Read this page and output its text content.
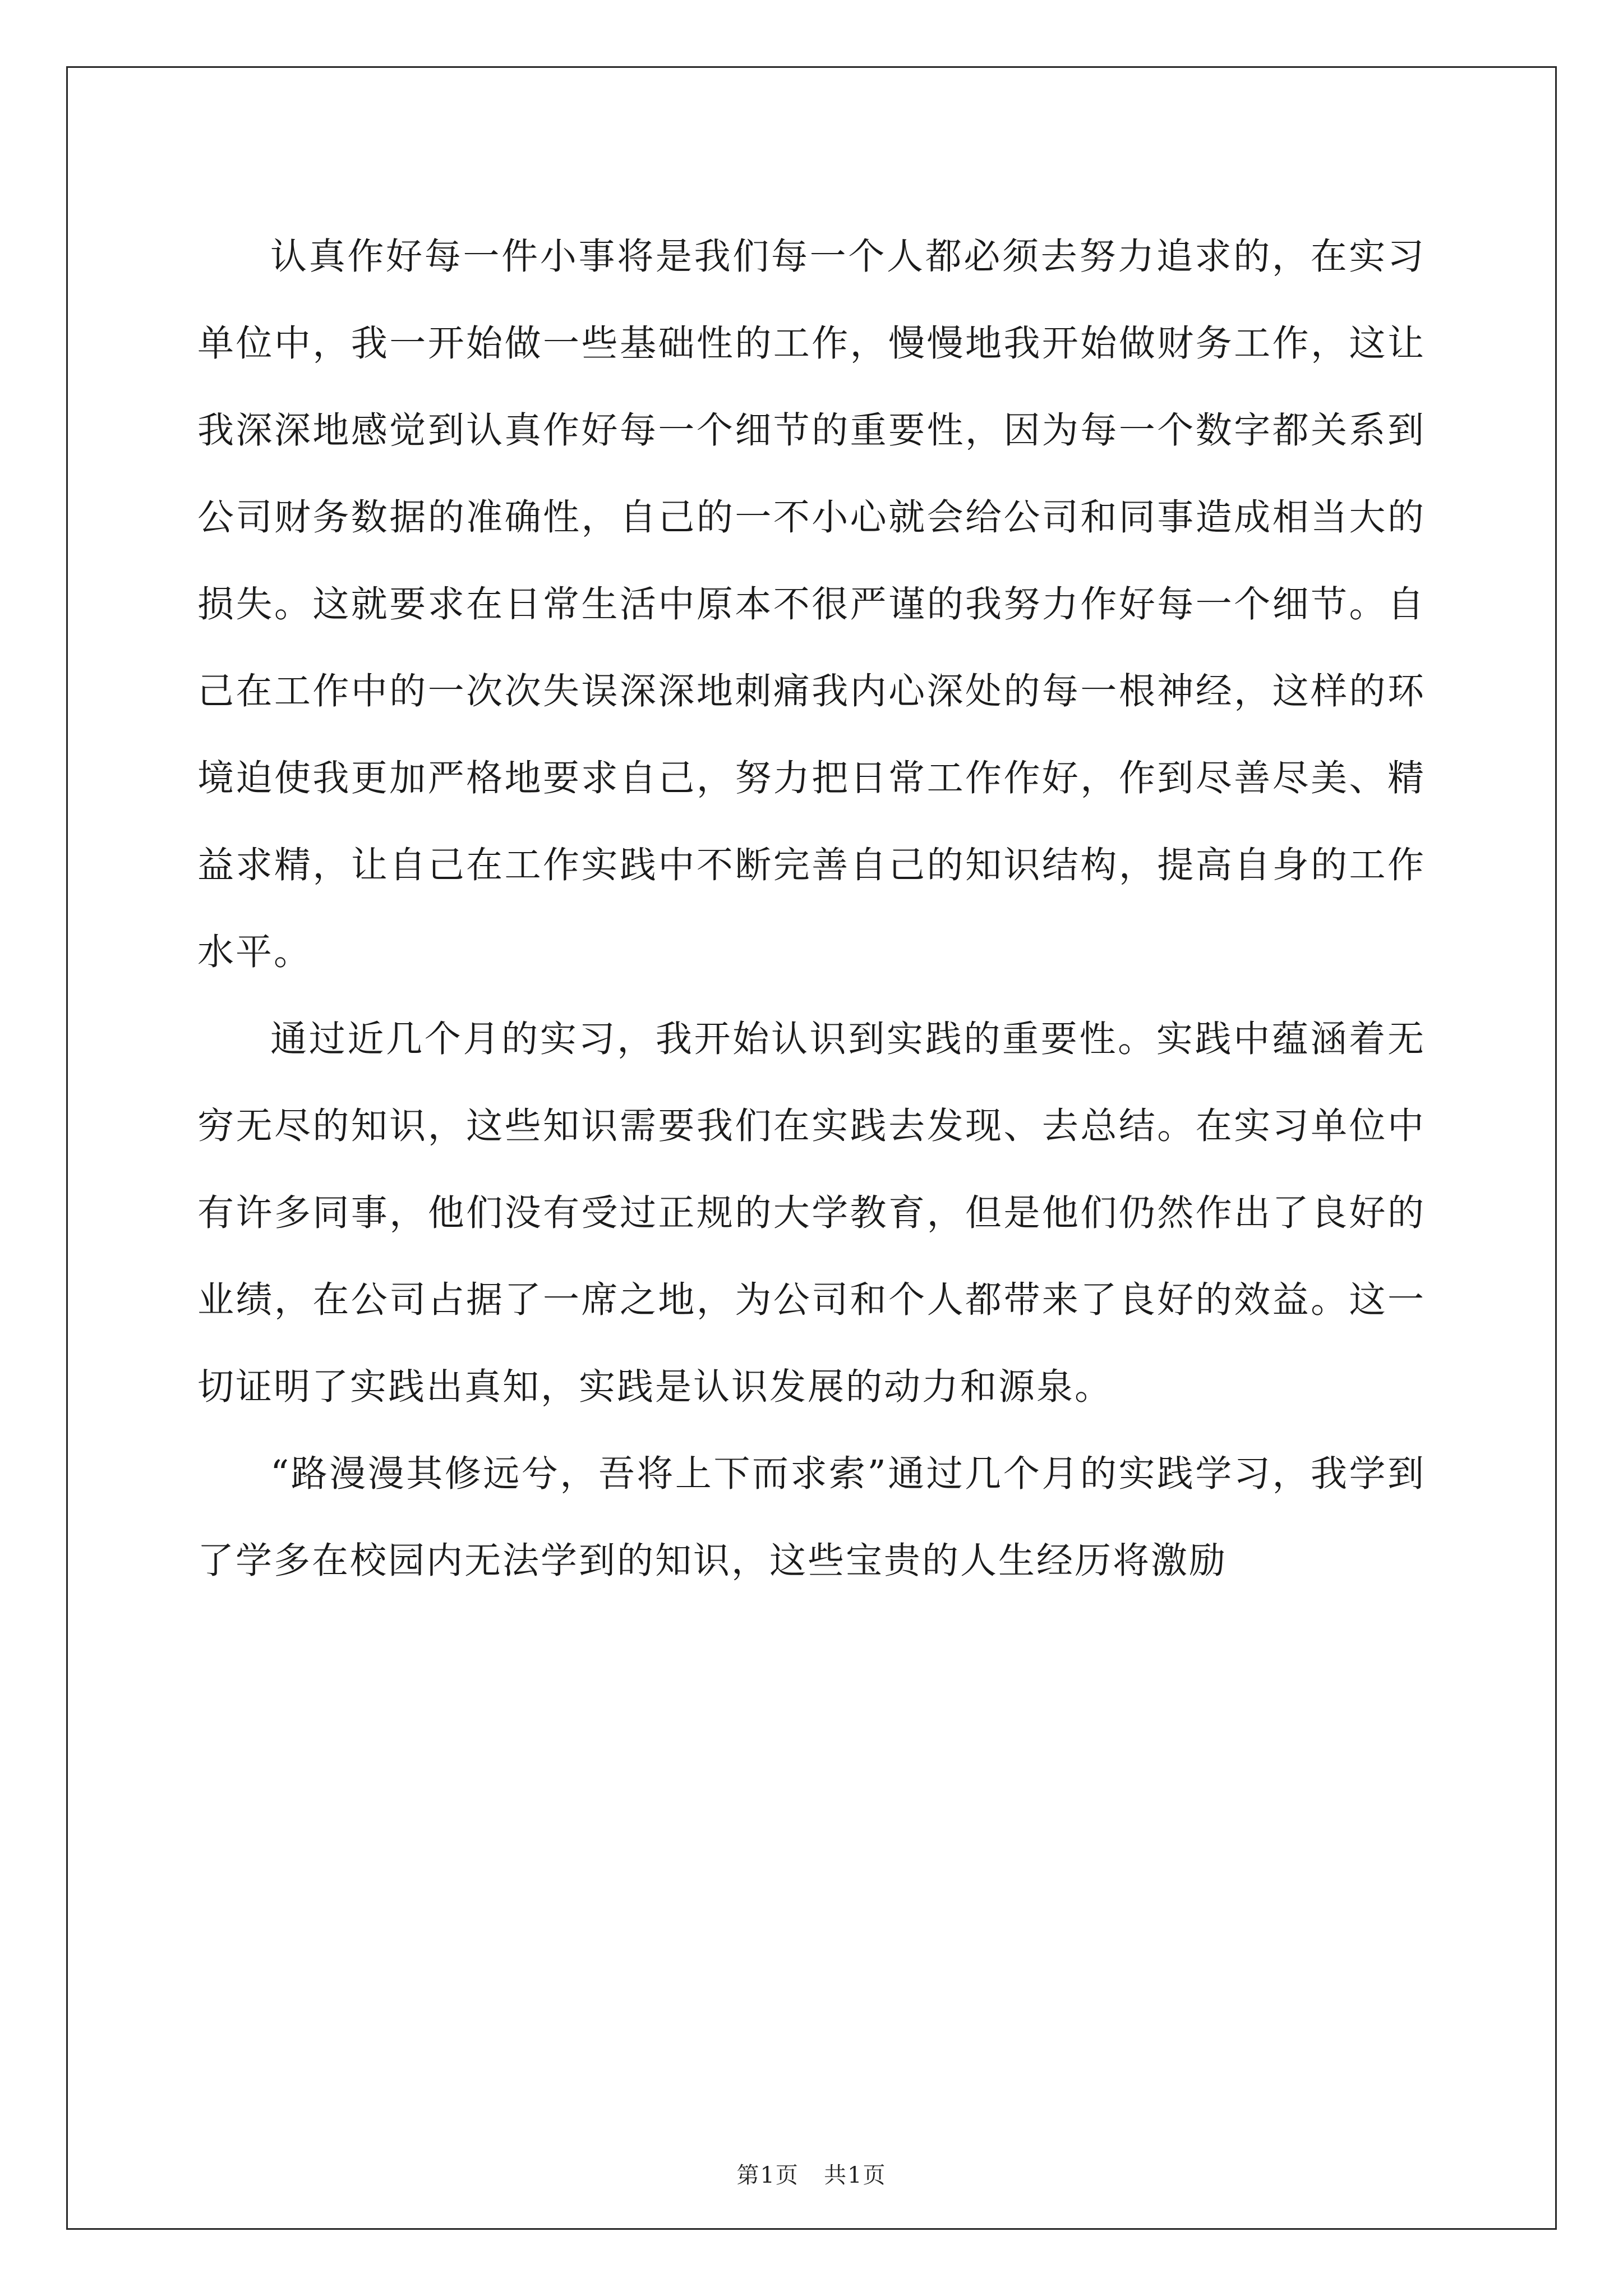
认真作好每一件小事将是我们每一个人都必须去努力追求的，在实习单位中，我一开始做一些基础性的工作，慢慢地我开始做财务工作，这让我深深地感觉到认真作好每一个细节的重要性，因为每一个数字都关系到公司财务数据的准确性，自己的一不小心就会给公司和同事造成相当大的损失。这就要求在日常生活中原本不很严谨的我努力作好每一个细节。自己在工作中的一次次失误深深地刺痛我内心深处的每一根神经，这样的环境迫使我更加严格地要求自己，努力把日常工作作好，作到尽善尽美、精益求精，让自己在工作实践中不断完善自己的知识结构，提高自身的工作水平。

通过近几个月的实习，我开始认识到实践的重要性。实践中蕴涵着无穷无尽的知识，这些知识需要我们在实践去发现、去总结。在实习单位中有许多同事，他们没有受过正规的大学教育，但是他们仍然作出了良好的业绩，在公司占据了一席之地，为公司和个人都带来了良好的效益。这一切证明了实践出真知，实践是认识发展的动力和源泉。

“路漫漫其修远兮，吾将上下而求索”通过几个月的实践学习，我学到了学多在校园内无法学到的知识，这些宝贵的人生经历将激励

第1页 共1页
